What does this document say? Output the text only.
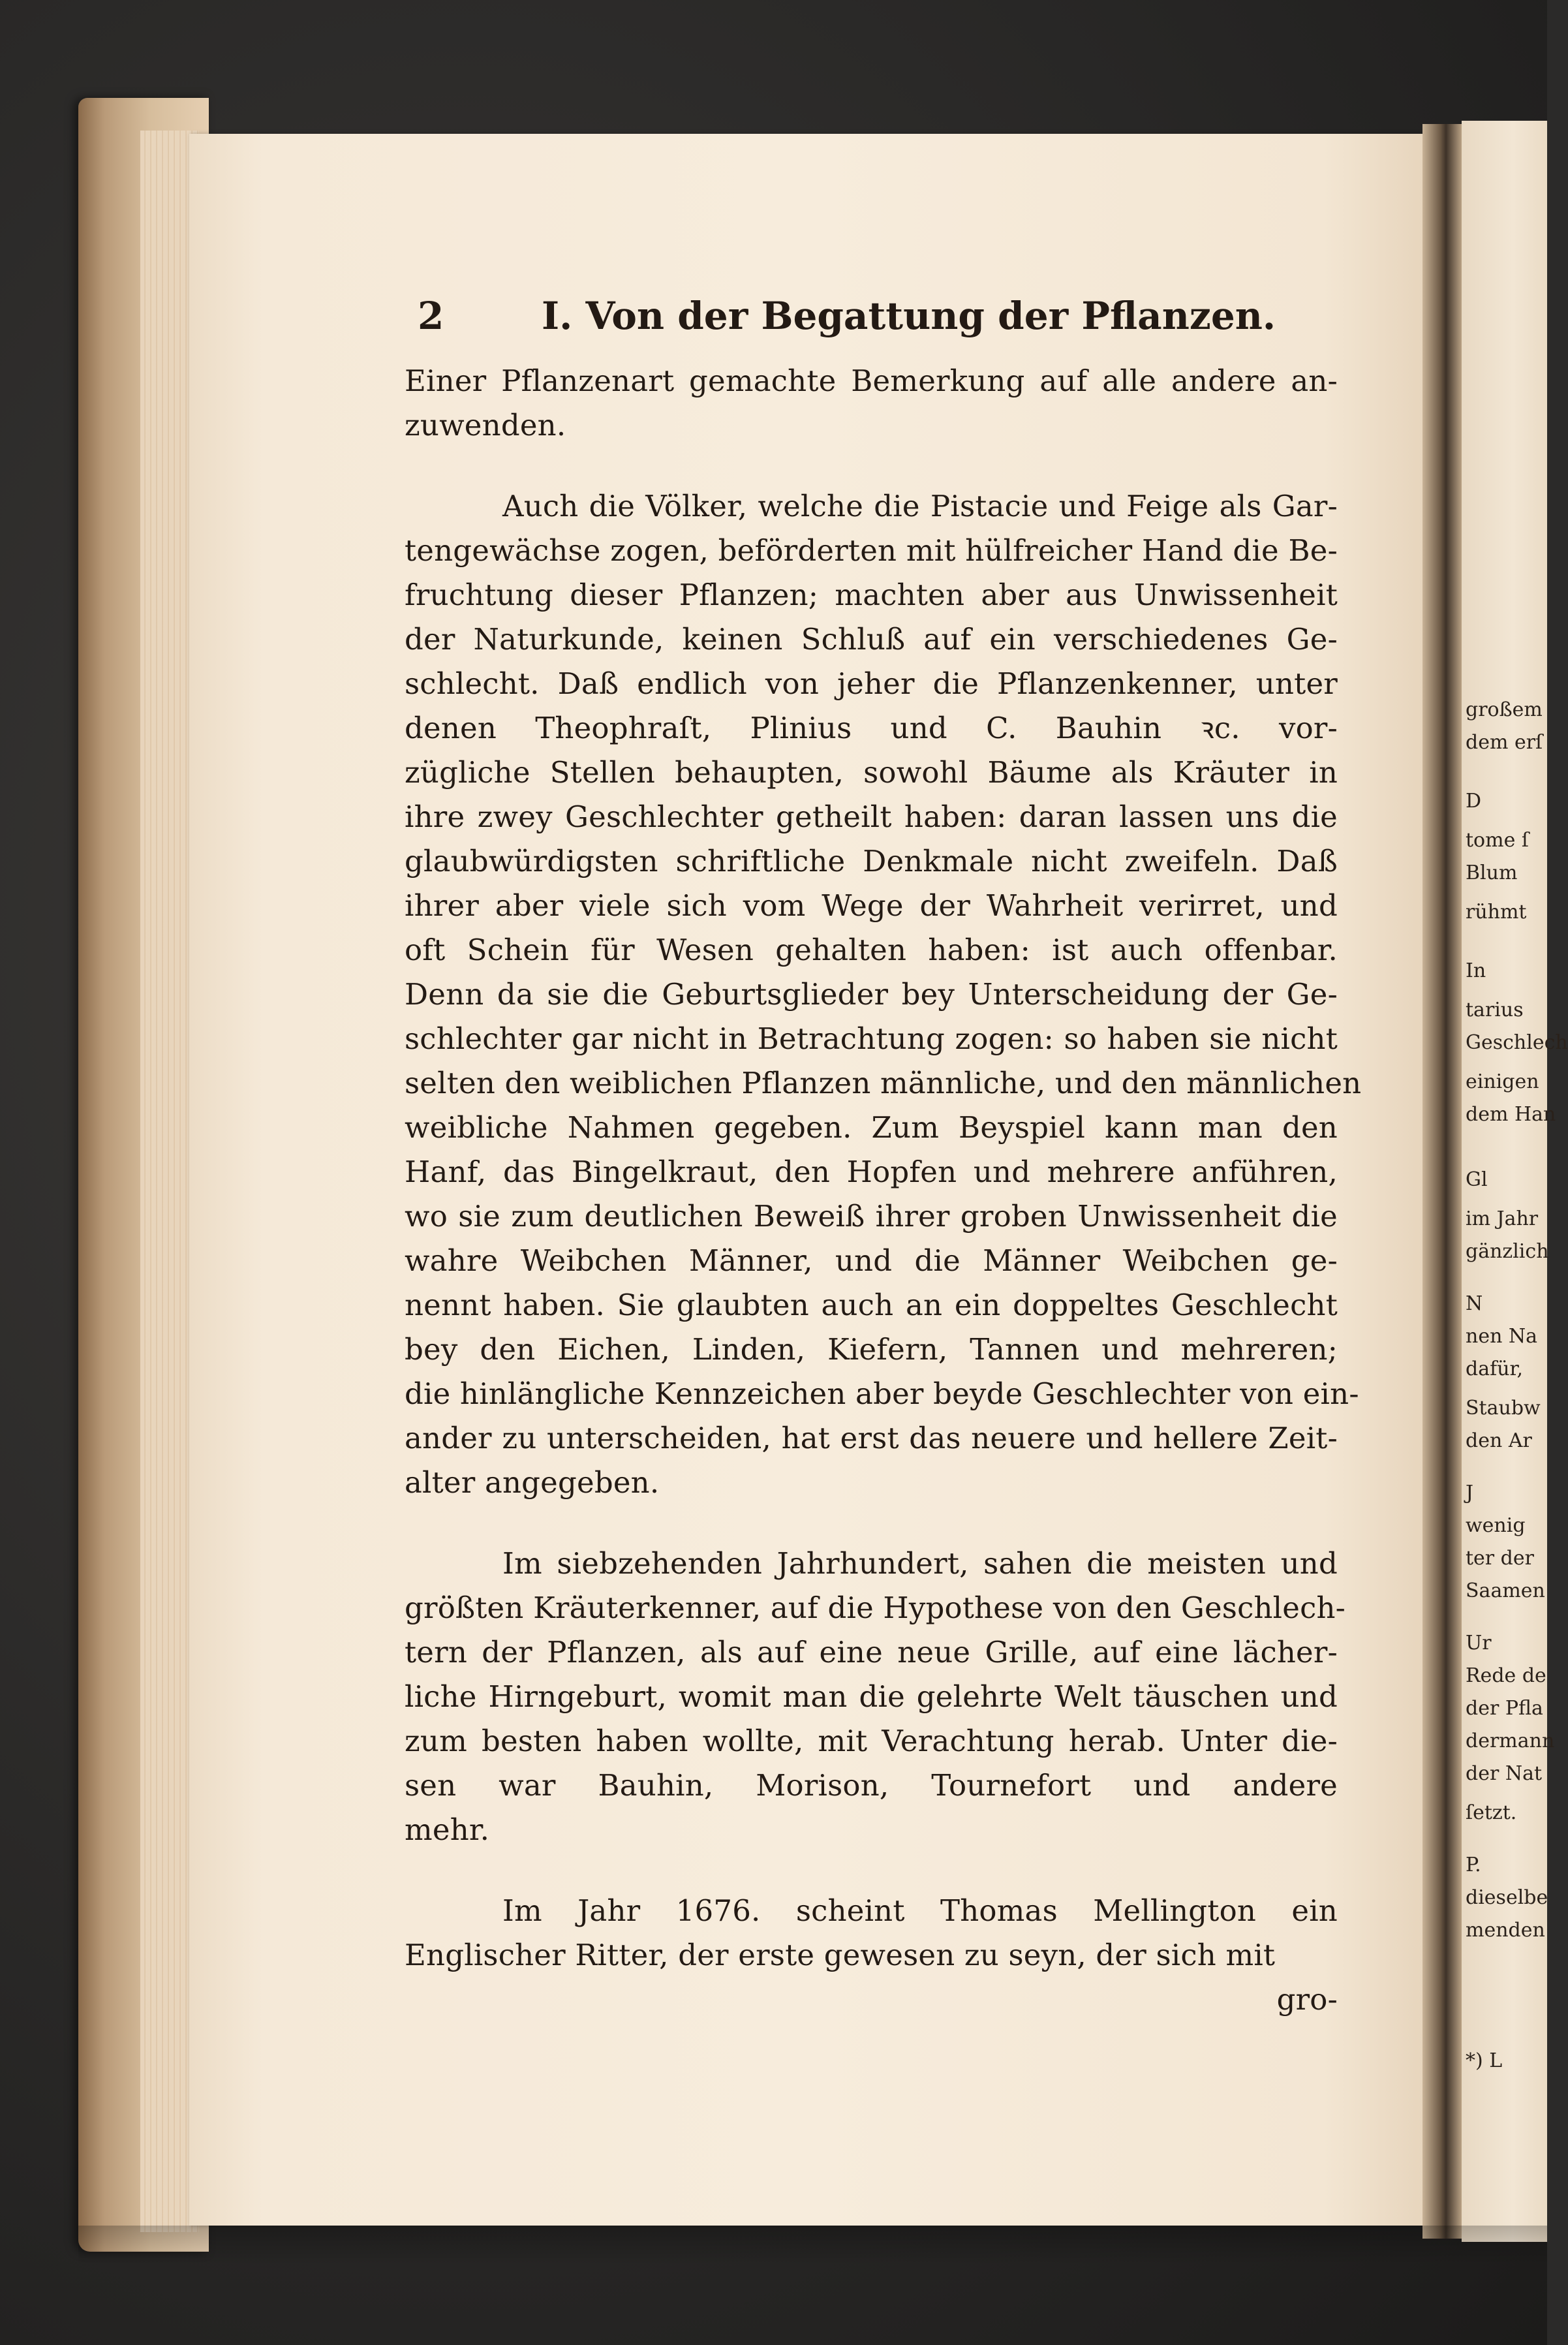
großem
dem erſ
D
tome ſ
Blum
rühmt
In
tarius
Geschlech
einigen
dem Han
Gl
im Jahr
gänzlich
N
nen Na
dafür,
Staubw
den Ar
J
wenig
ter der
Saamen
Ur
Rede de
der Pfla
dermann
der Nat
ſetzt.
P.
dieselbe
menden
*) L
2	I. Von der Begattung der Pflanzen.
Einer Pflanzenart gemachte Bemerkung auf alle andere an-
zuwenden.
Auch die Völker, welche die Pistacie und Feige als Gar-
tengewächse zogen, beförderten mit hülfreicher Hand die Be-
fruchtung dieser Pflanzen; machten aber aus Unwissenheit
der Naturkunde, keinen Schluß auf ein verschiedenes Ge-
schlecht. Daß endlich von jeher die Pflanzenkenner, unter
denen Theophraſt, Plinius und C. Bauhin ꝛc. vor-
zügliche Stellen behaupten, sowohl Bäume als Kräuter in
ihre zwey Geschlechter getheilt haben: daran lassen uns die
glaubwürdigsten schriftliche Denkmale nicht zweifeln. Daß
ihrer aber viele sich vom Wege der Wahrheit verirret, und
oft Schein für Wesen gehalten haben: ist auch offenbar.
Denn da sie die Geburtsglieder bey Unterscheidung der Ge-
schlechter gar nicht in Betrachtung zogen: so haben sie nicht
selten den weiblichen Pflanzen männliche, und den männlichen
weibliche Nahmen gegeben. Zum Beyspiel kann man den
Hanf, das Bingelkraut, den Hopfen und mehrere anführen,
wo sie zum deutlichen Beweiß ihrer groben Unwissenheit die
wahre Weibchen Männer, und die Männer Weibchen ge-
nennt haben. Sie glaubten auch an ein doppeltes Geschlecht
bey den Eichen, Linden, Kiefern, Tannen und mehreren;
die hinlängliche Kennzeichen aber beyde Geschlechter von ein-
ander zu unterscheiden, hat erst das neuere und hellere Zeit-
alter angegeben.
Im siebzehenden Jahrhundert, sahen die meisten und
größten Kräuterkenner, auf die Hypothese von den Geschlech-
tern der Pflanzen, als auf eine neue Grille, auf eine lächer-
liche Hirngeburt, womit man die gelehrte Welt täuschen und
zum besten haben wollte, mit Verachtung herab. Unter die-
sen war Bauhin, Morison, Tournefort und andere
mehr.
Im Jahr 1676. scheint Thomas Mellington ein
Englischer Ritter, der erste gewesen zu seyn, der sich mit
gro-
